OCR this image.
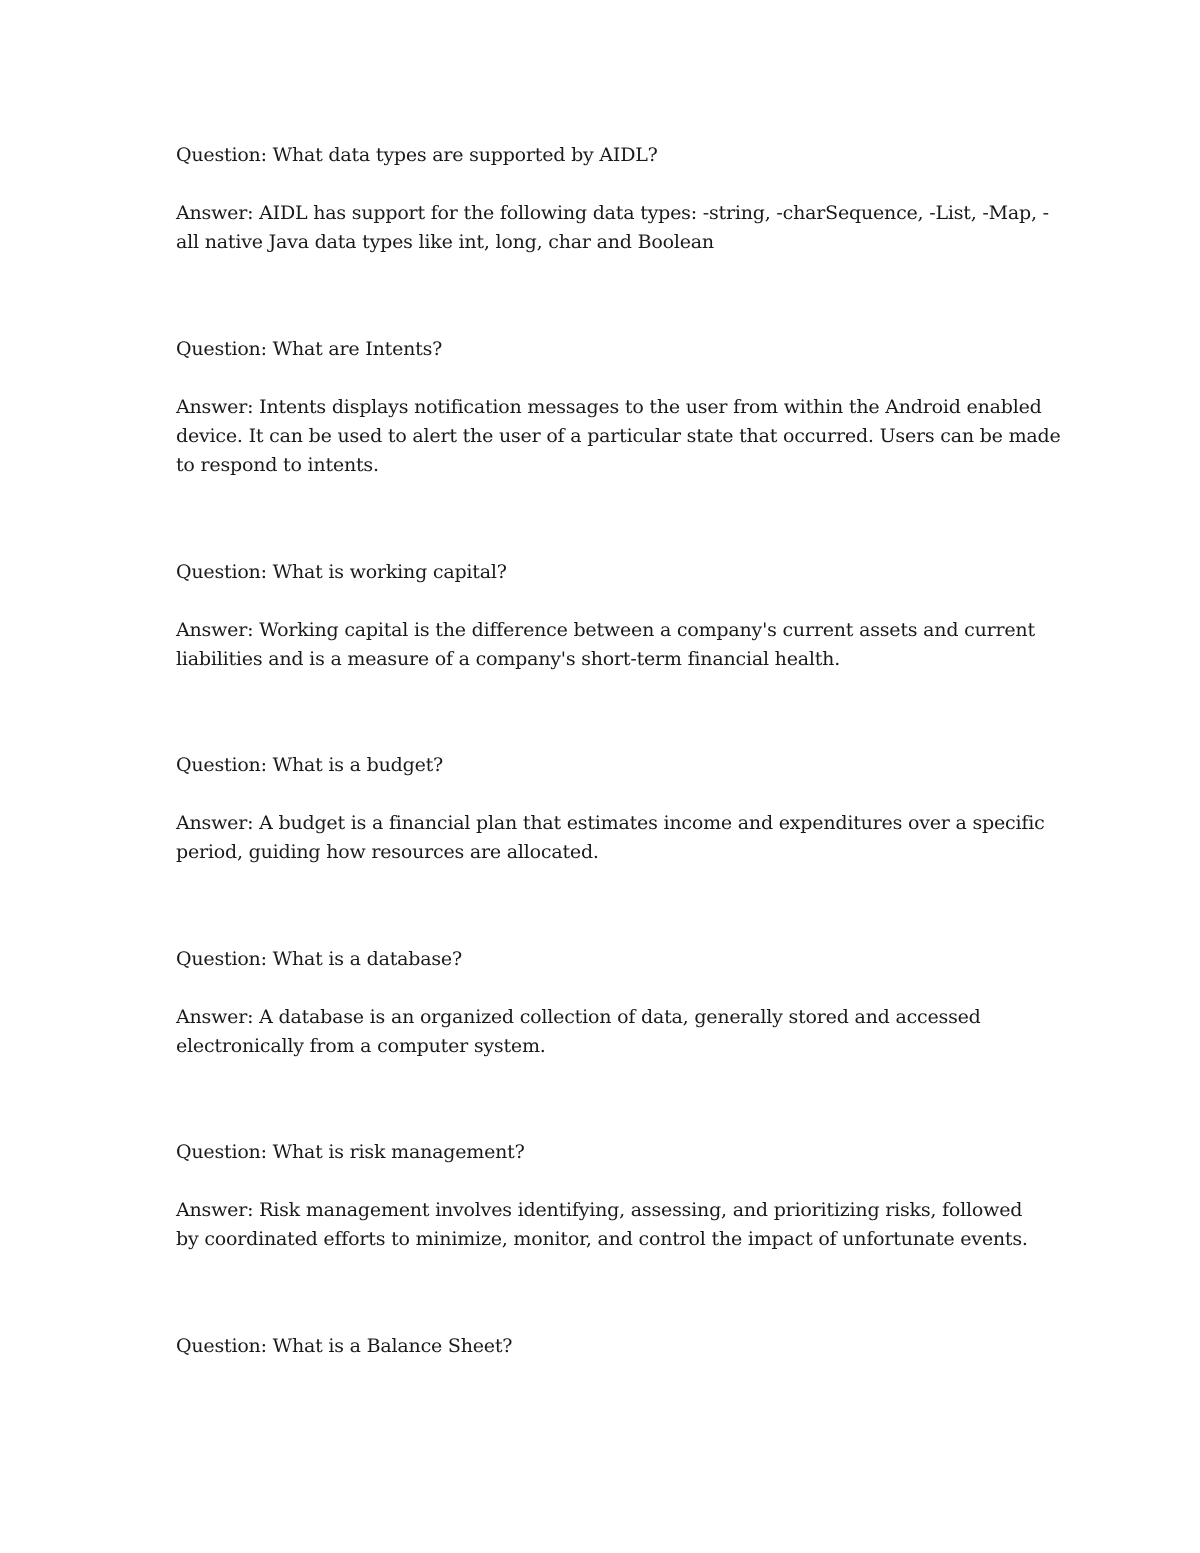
Question: What data types are supported by AIDL?

Answer: AIDL has support for the following data types: -string, -charSequence, -List, -Map, -

all native Java data types like int, long, char and Boolean

Question: What are Intents?

Answer: Intents displays notification messages to the user from within the Android enabled

device. It can be used to alert the user of a particular state that occurred. Users can be made

to respond to intents.

Question: What is working capital?

Answer: Working capital is the difference between a company's current assets and current

liabilities and is a measure of a company's short-term financial health.

Question: What is a budget?

Answer: A budget is a financial plan that estimates income and expenditures over a specific

period, guiding how resources are allocated.

Question: What is a database?

Answer: A database is an organized collection of data, generally stored and accessed

electronically from a computer system.

Question: What is risk management?

Answer: Risk management involves identifying, assessing, and prioritizing risks, followed

by coordinated efforts to minimize, monitor, and control the impact of unfortunate events.

Question: What is a Balance Sheet?
